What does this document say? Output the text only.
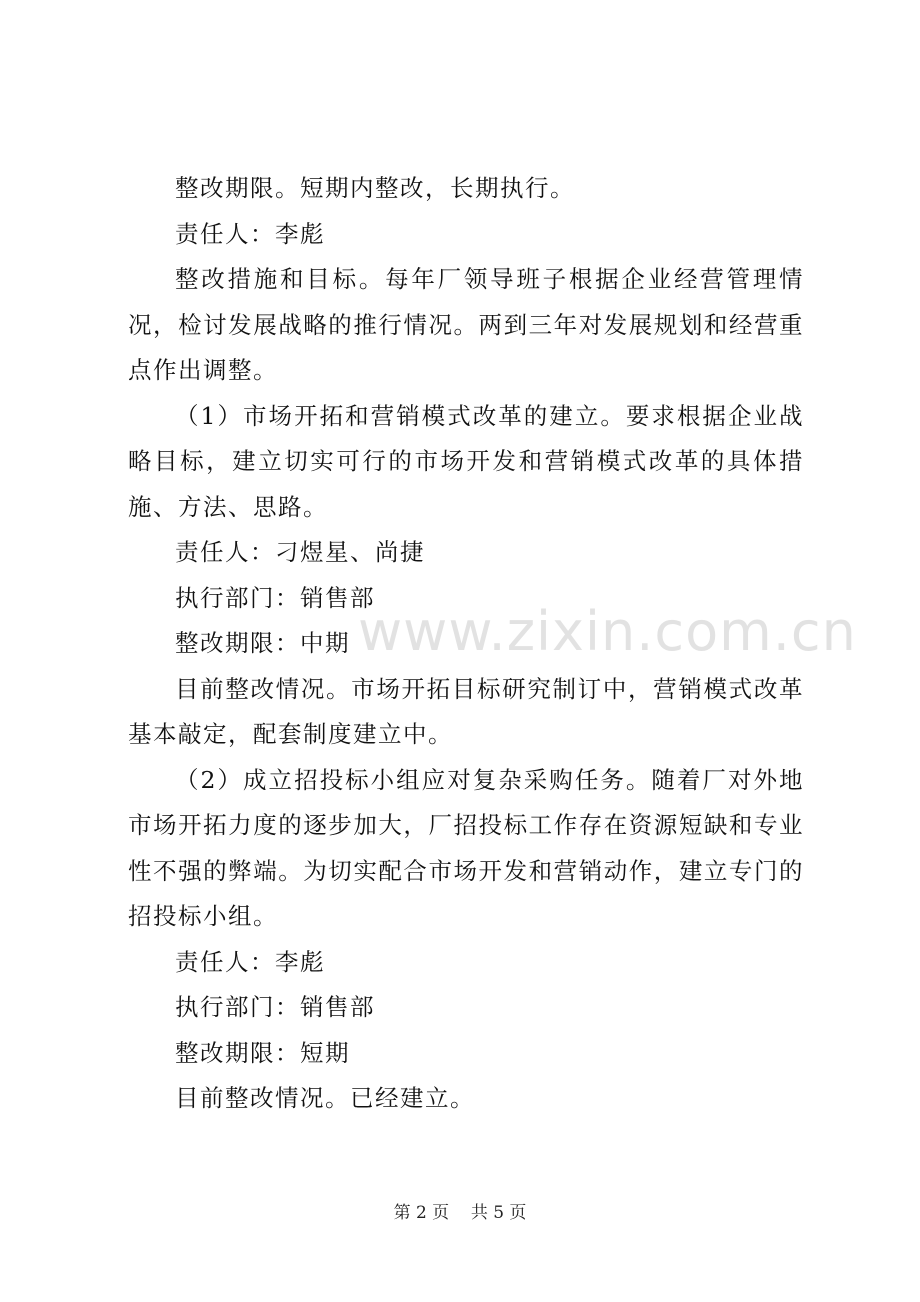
整改期限。短期内整改，长期执行。

责任人：李彪

整改措施和目标。每年厂领导班子根据企业经营管理情况，检讨发展战略的推行情况。两到三年对发展规划和经营重点作出调整。

（1）市场开拓和营销模式改革的建立。要求根据企业战略目标，建立切实可行的市场开发和营销模式改革的具体措施、方法、思路。

责任人：刁煜星、尚捷

执行部门：销售部

整改期限：中期

目前整改情况。市场开拓目标研究制订中，营销模式改革基本敲定，配套制度建立中。

（2）成立招投标小组应对复杂采购任务。随着厂对外地市场开拓力度的逐步加大，厂招投标工作存在资源短缺和专业性不强的弊端。为切实配合市场开发和营销动作，建立专门的招投标小组。

责任人：李彪

执行部门：销售部

整改期限：短期

目前整改情况。已经建立。

www.zixin.com.cn
第 2 页 共 5 页
